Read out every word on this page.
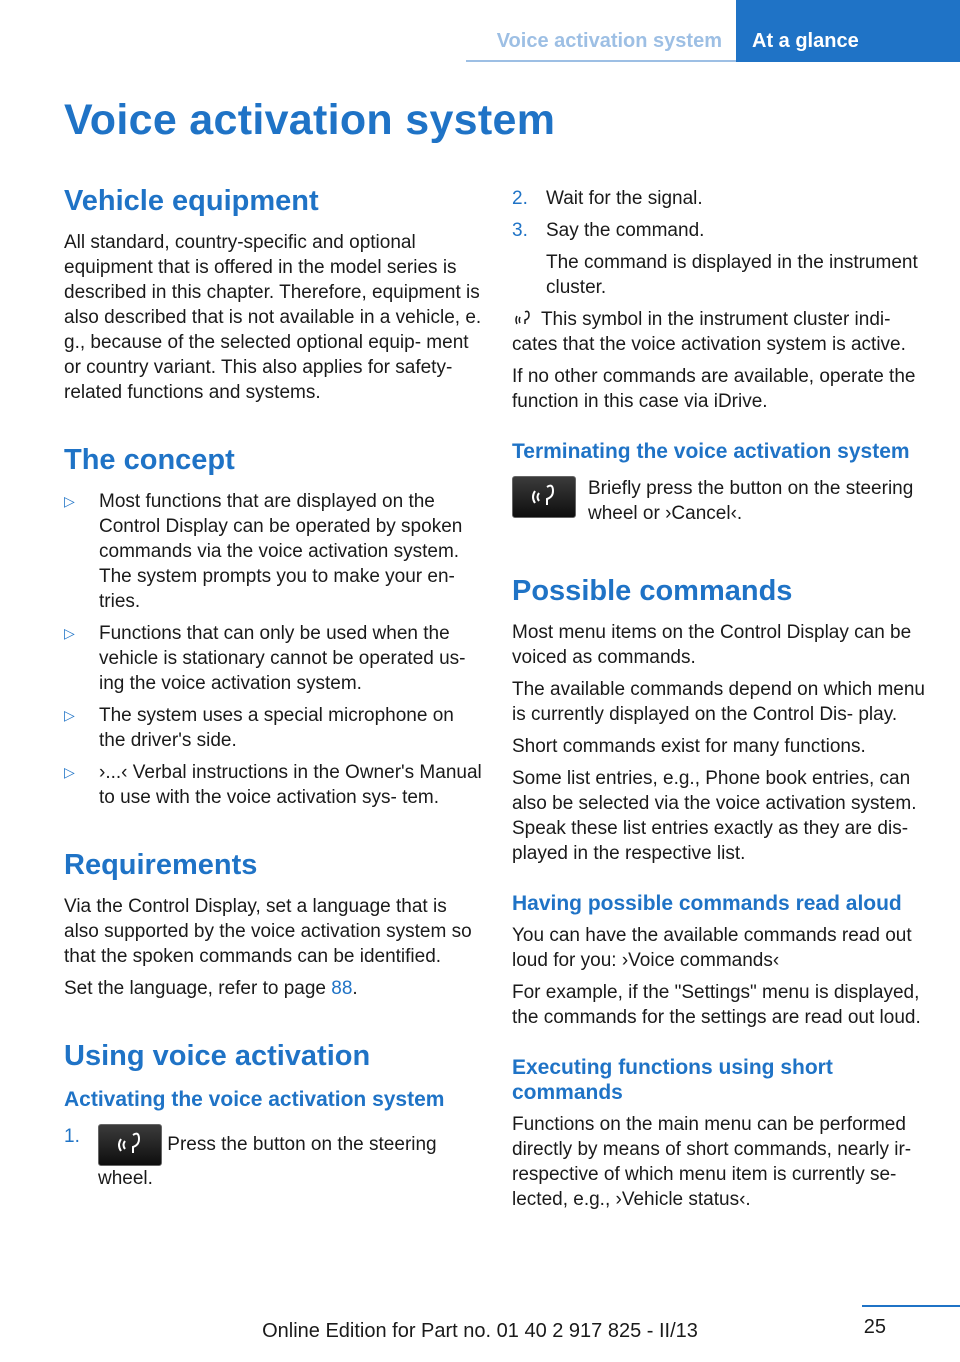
Voice activation system At a glance
Voice activation system
Vehicle equipment

All standard, country-specific and optional equipment that is offered in the model series is described in this chapter. Therefore, equipment is also described that is not available in a vehicle, e. g., because of the selected optional equip- ment or country variant. This also applies for safety-related functions and systems.

The concept
▷ Most functions that are displayed on the Control Display can be operated by spoken commands via the voice activation system. The system prompts you to make your en- tries.
▷ Functions that can only be used when the vehicle is stationary cannot be operated us- ing the voice activation system.
▷ The system uses a special microphone on the driver's side.
▷ ›...‹ Verbal instructions in the Owner's Manual to use with the voice activation sys- tem.
Requirements

Via the Control Display, set a language that is also supported by the voice activation system so that the spoken commands can be identified.

Set the language, refer to page 88.

Using voice activation
Activating the voice activation system
1.	Press the button on the steering wheel.
2. Wait for the signal.
3. Say the command.
The command is displayed in the instrument cluster.

This symbol in the instrument cluster indi- cates that the voice activation system is active.

If no other commands are available, operate the function in this case via iDrive.

Terminating the voice activation system

Briefly press the button on the steering wheel or ›Cancel‹.

Possible commands

Most menu items on the Control Display can be voiced as commands.

The available commands depend on which menu is currently displayed on the Control Dis- play.

Short commands exist for many functions.

Some list entries, e.g., Phone book entries, can also be selected via the voice activation system. Speak these list entries exactly as they are dis- played in the respective list.

Having possible commands read aloud

You can have the available commands read out loud for you: ›Voice commands‹

For example, if the "Settings" menu is displayed, the commands for the settings are read out loud.

Executing functions using short commands

Functions on the main menu can be performed directly by means of short commands, nearly ir- respective of which menu item is currently se- lected, e.g., ›Vehicle status‹.

25
Online Edition for Part no. 01 40 2 917 825 - II/13
